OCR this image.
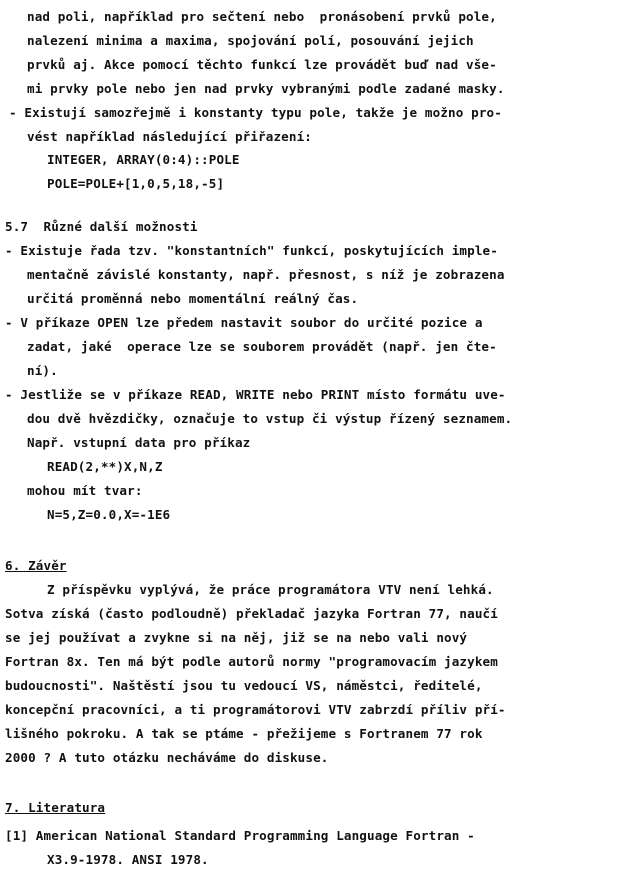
nad poli, například pro sečtení nebo  pronásobení prvků pole,
nalezení minima a maxima, spojování polí, posouvání jejich
prvků aj. Akce pomocí těchto funkcí lze provádět buď nad vše-
mi prvky pole nebo jen nad prvky vybranými podle zadané masky.
- Existují samozřejmě i konstanty typu pole, takže je možno pro-
vést například následující přiřazení:
INTEGER, ARRAY(0:4)::POLE
POLE=POLE+[1,0,5,18,-5]
5.7  Různé další možnosti
- Existuje řada tzv. "konstantních" funkcí, poskytujících imple-
mentačně závislé konstanty, např. přesnost, s níž je zobrazena
určitá proměnná nebo momentální reálný čas.
- V příkaze OPEN lze předem nastavit soubor do určité pozice a
zadat, jaké  operace lze se souborem provádět (např. jen čte-
ní).
- Jestliže se v příkaze READ, WRITE nebo PRINT místo formátu uve-
dou dvě hvězdičky, označuje to vstup či výstup řízený seznamem.
Např. vstupní data pro příkaz
READ(2,**)X,N,Z
mohou mít tvar:
N=5,Z=0.0,X=-1E6
6. Závěr
Z příspěvku vyplývá, že práce programátora VTV není lehká.
Sotva získá (často podloudně) překladač jazyka Fortran 77, naučí
se jej používat a zvykne si na něj, již se na nebo vali nový
Fortran 8x. Ten má být podle autorů normy "programovacím jazykem
budoucnosti". Naštěstí jsou tu vedoucí VS, náměstci, ředitelé,
koncepční pracovníci, a ti programátorovi VTV zabrzdí příliv pří-
lišného pokroku. A tak se ptáme - přežijeme s Fortranem 77 rok
2000 ? A tuto otázku necháváme do diskuse.
7. Literatura
[1] American National Standard Programming Language Fortran -
X3.9-1978. ANSI 1978.
